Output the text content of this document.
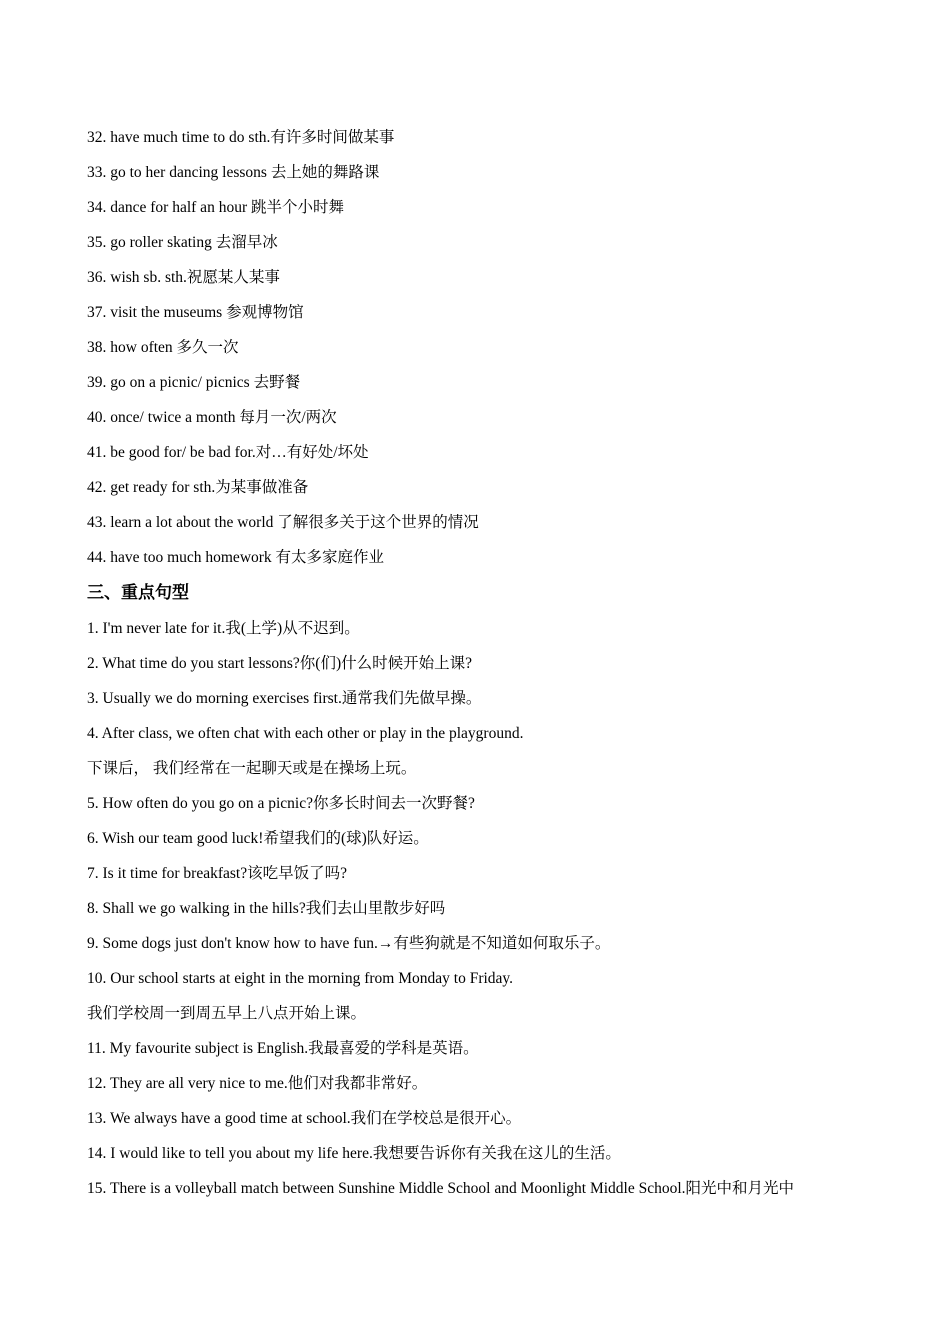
32. have much time to do sth.有许多时间做某事
33. go to her dancing lessons 去上她的舞路课
34. dance for half an hour 跳半个小时舞
35. go roller skating 去溜早冰
36. wish sb. sth.祝愿某人某事
37. visit the museums 参观博物馆
38. how often 多久一次
39. go on a picnic/ picnics 去野餐
40. once/ twice a month 每月一次/两次
41. be good for/ be bad for.对…有好处/坏处
42. get ready for sth.为某事做准备
43. learn a lot about the world 了解很多关于这个世界的情况
44. have too much homework 有太多家庭作业
三、重点句型
1. I'm never late for it.我(上学)从不迟到。
2. What time do you start lessons?你(们)什么时候开始上课?
3. Usually we do morning exercises first.通常我们先做早操。
4. After class, we often chat with each other or play in the playground.
下课后， 我们经常在一起聊天或是在操场上玩。
5. How often do you go on a picnic?你多长时间去一次野餐?
6. Wish our team good luck!希望我们的(球)队好运。
7. Is it time for breakfast?该吃早饭了吗?
8. Shall we go walking in the hills?我们去山里散步好吗
9. Some dogs just don't know how to have fun.→有些狗就是不知道如何取乐子。
10. Our school starts at eight in the morning from Monday to Friday.
我们学校周一到周五早上八点开始上课。
11. My favourite subject is English.我最喜爱的学科是英语。
12. They are all very nice to me.他们对我都非常好。
13. We always have a good time at school.我们在学校总是很开心。
14. I would like to tell you about my life here.我想要告诉你有关我在这儿的生活。
15. There is a volleyball match between Sunshine Middle School and Moonlight Middle School.阳光中和月光中
